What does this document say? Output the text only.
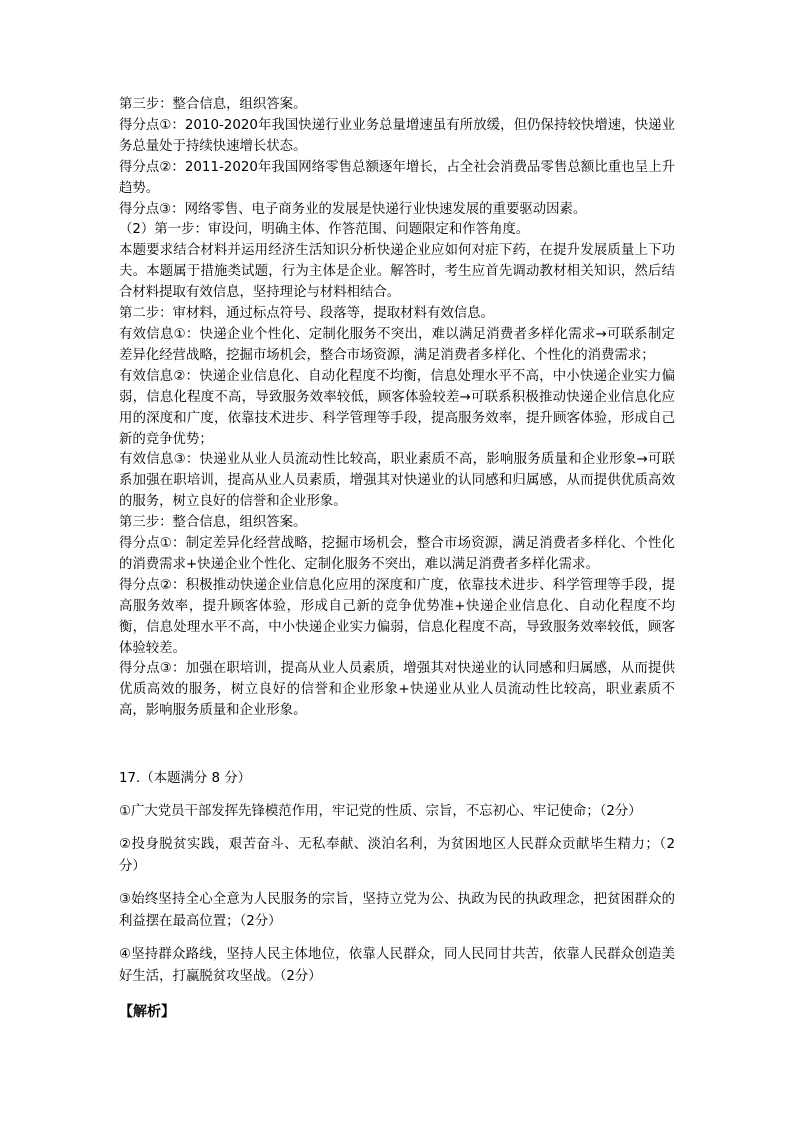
第三步：整合信息，组织答案。

得分点①：2010-2020年我国快递行业业务总量增速虽有所放缓，但仍保持较快增速，快递业务总量处于持续快速增长状态。

得分点②：2011-2020年我国网络零售总额逐年增长，占全社会消费品零售总额比重也呈上升趋势。

得分点③：网络零售、电子商务业的发展是快递行业快速发展的重要驱动因素。

（2）第一步：审设问，明确主体、作答范围、问题限定和作答角度。

本题要求结合材料并运用经济生活知识分析快递企业应如何对症下药，在提升发展质量上下功夫。本题属于措施类试题，行为主体是企业。解答时，考生应首先调动教材相关知识，然后结合材料提取有效信息，坚持理论与材料相结合。

第二步：审材料，通过标点符号、段落等，提取材料有效信息。

有效信息①：快递企业个性化、定制化服务不突出，难以满足消费者多样化需求→可联系制定差异化经营战略，挖掘市场机会，整合市场资源，满足消费者多样化、个性化的消费需求；

有效信息②：快递企业信息化、自动化程度不均衡，信息处理水平不高，中小快递企业实力偏弱，信息化程度不高，导致服务效率较低，顾客体验较差→可联系积极推动快递企业信息化应用的深度和广度，依靠技术进步、科学管理等手段，提高服务效率，提升顾客体验，形成自己新的竞争优势；

有效信息③：快递业从业人员流动性比较高，职业素质不高，影响服务质量和企业形象→可联系加强在职培训，提高从业人员素质，增强其对快递业的认同感和归属感，从而提供优质高效的服务，树立良好的信誉和企业形象。

第三步：整合信息，组织答案。

得分点①：制定差异化经营战略，挖掘市场机会，整合市场资源，满足消费者多样化、个性化的消费需求+快递企业个性化、定制化服务不突出，难以满足消费者多样化需求。

得分点②：积极推动快递企业信息化应用的深度和广度，依靠技术进步、科学管理等手段，提高服务效率，提升顾客体验，形成自己新的竞争优势准+快递企业信息化、自动化程度不均衡，信息处理水平不高，中小快递企业实力偏弱，信息化程度不高，导致服务效率较低，顾客体验较差。

得分点③：加强在职培训，提高从业人员素质，增强其对快递业的认同感和归属感，从而提供优质高效的服务，树立良好的信誉和企业形象+快递业从业人员流动性比较高，职业素质不高，影响服务质量和企业形象。

17.（本题满分 8 分）

①广大党员干部发挥先锋模范作用，牢记党的性质、宗旨，不忘初心、牢记使命；（2分）

②投身脱贫实践，艰苦奋斗、无私奉献、淡泊名利，为贫困地区人民群众贡献毕生精力；（2分）

③始终坚持全心全意为人民服务的宗旨，坚持立党为公、执政为民的执政理念，把贫困群众的利益摆在最高位置；（2分）

④坚持群众路线，坚持人民主体地位，依靠人民群众，同人民同甘共苦，依靠人民群众创造美好生活，打赢脱贫攻坚战。（2分）

【解析】
